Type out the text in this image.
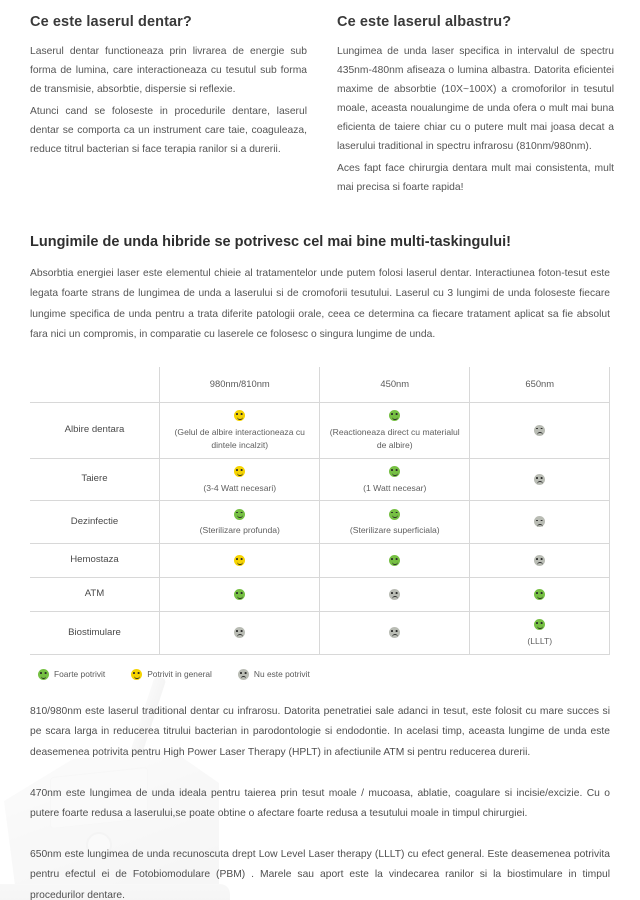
Ce este laserul dentar?

Laserul dentar functioneaza prin livrarea de energie sub forma de lumina, care interactioneaza cu tesutul sub forma de transmisie, absorbtie, dispersie si reflexie.

Atunci cand se foloseste in procedurile dentare, laserul dentar se comporta ca un instrument care taie, coaguleaza, reduce titrul bacterian si face terapia ranilor si a durerii.

Ce este laserul albastru?

Lungimea de unda laser specifica in intervalul de spectru 435nm-480nm afiseaza o lumina albastra. Datorita eficientei maxime de absorbtie (10X~100X) a cromoforilor in tesutul moale, aceasta noualungime de unda ofera o mult mai buna eficienta de taiere chiar cu o putere mult mai joasa decat a laserului traditional in spectru infrarosu (810nm/980nm).

Aces fapt face chirurgia dentara mult mai consistenta, mult mai precisa si foarte rapida!

Lungimile de unda hibride se potrivesc cel mai bine multi-taskingului!
Absorbtia energiei laser este elementul chieie al tratamentelor unde putem folosi laserul dentar. Interactiunea foton-tesut este legata foarte strans de lungimea de unda a laserului si de cromoforii tesutului. Laserul cu 3 lungimi de unda foloseste fiecare lungime specifica de unda pentru a trata diferite patologii orale, ceea ce determina ca fiecare tratament aplicat sa fie absolut fara nici un compromis, in comparatie cu laserele ce folosesc o singura lungime de unda.
	980nm/810nm	450nm	650nm
Albire dentara	(Gelul de albire interactioneaza cu dintele incalzit)	(Reactioneaza direct cu materialul de albire)	

Taiere	(3-4 Watt necesari)	(1 Watt necesar)	

Dezinfectie	(Sterilizare profunda)	(Sterilizare superficiala)	

Hemostaza			
ATM			
Biostimulare			(LLLT)
Foarte potrivit	Potrivit in general	Nu este potrivit

810/980nm este laserul traditional dentar cu infrarosu. Datorita penetratiei sale adanci in tesut, este folosit cu mare succes si pe scara larga in reducerea titrului bacterian in parodontologie si endodontie. In acelasi timp, aceasta lungime de unda este deasemenea potrivita pentru High Power Laser Therapy (HPLT) in afectiunile ATM si pentru reducerea durerii.

470nm este lungimea de unda ideala pentru taierea prin tesut moale / mucoasa, ablatie, coagulare si incisie/excizie. Cu o putere foarte redusa a laserului,se poate obtine o afectare foarte redusa a tesutului moale in timpul chirurgiei.

650nm este lungimea de unda recunoscuta drept Low Level Laser therapy (LLLT) cu efect general. Este deasemenea potrivita pentru efectul ei de Fotobiomodulare (PBM) . Marele sau aport este la vindecarea ranilor si la biostimulare in timpul procedurilor dentare.
